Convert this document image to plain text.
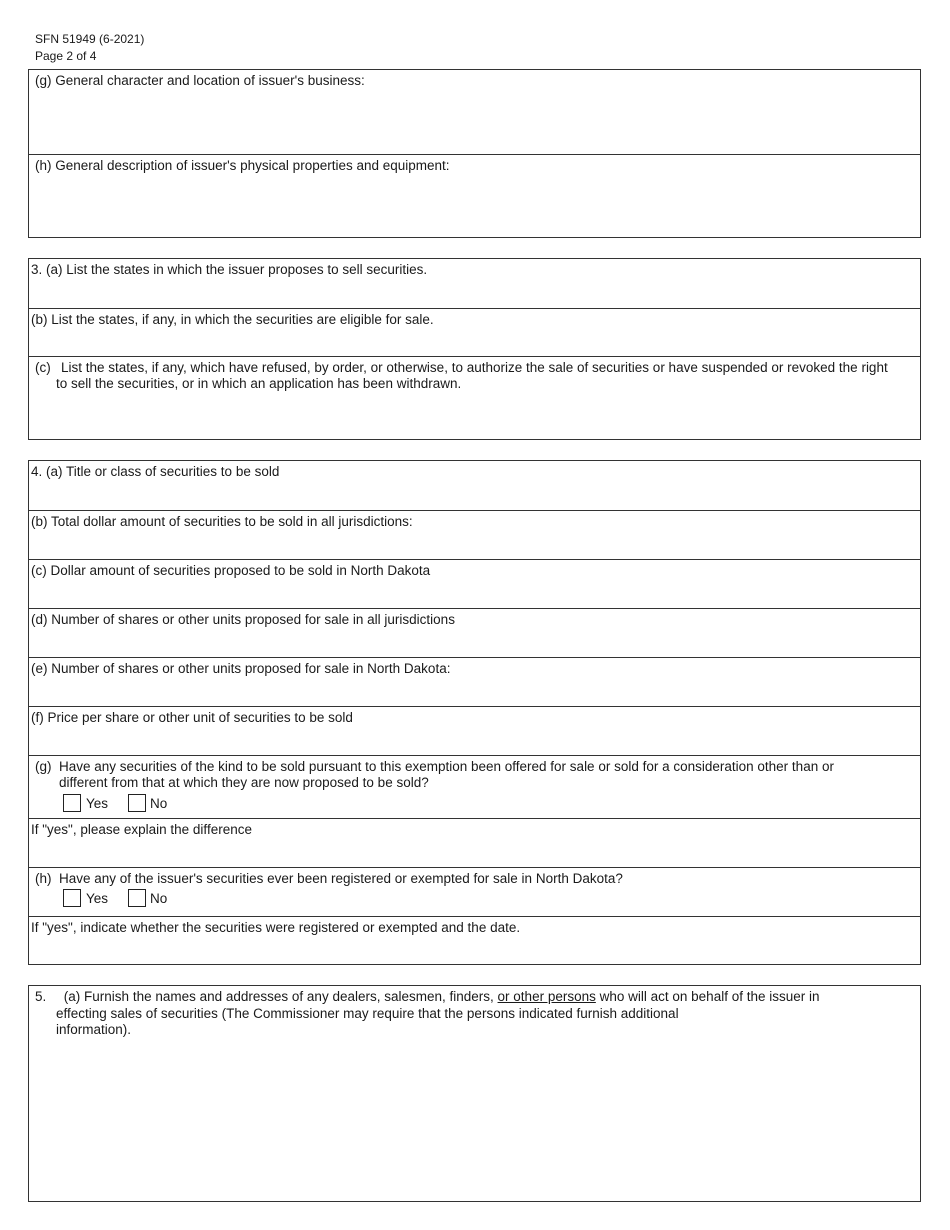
SFN 51949 (6-2021)
Page 2 of 4
(g) General character and location of issuer's business:
(h) General description of issuer's physical properties and equipment:
3. (a) List the states in which the issuer proposes to sell securities.
(b) List the states, if any, in which the securities are eligible for sale.
(c) List the states, if any, which have refused, by order, or otherwise, to authorize the sale of securities or have suspended or revoked the right to sell the securities, or in which an application has been withdrawn.
4. (a) Title or class of securities to be sold
(b) Total dollar amount of securities to be sold in all jurisdictions:
(c) Dollar amount of securities proposed to be sold in North Dakota
(d) Number of shares or other units proposed for sale in all jurisdictions
(e) Number of shares or other units proposed for sale in North Dakota:
(f) Price per share or other unit of securities to be sold
(g) Have any securities of the kind to be sold pursuant to this exemption been offered for sale or sold for a consideration other than or different from that at which they are now proposed to be sold?
Yes	No
If "yes", please explain the difference
(h) Have any of the issuer's securities ever been registered or exempted for sale in North Dakota?
Yes	No
If "yes", indicate whether the securities were registered or exempted and the date.
5. (a) Furnish the names and addresses of any dealers, salesmen, finders, or other persons who will act on behalf of the issuer in
effecting sales of securities (The Commissioner may require that the persons indicated furnish additional
information).
